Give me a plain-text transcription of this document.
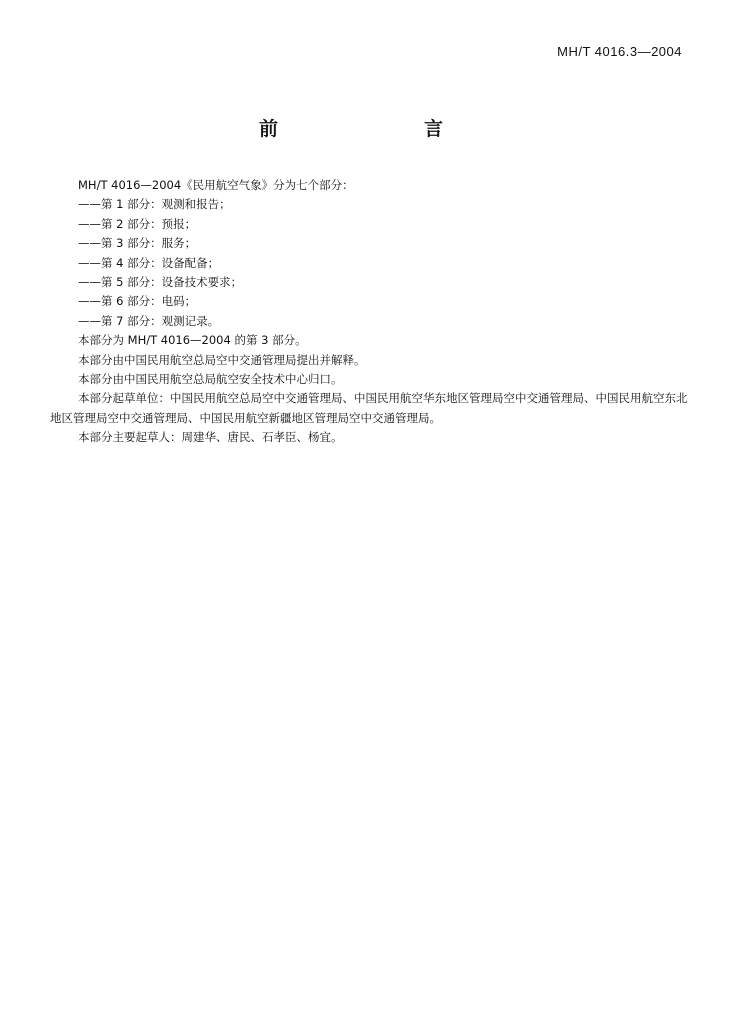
MH/T 4016.3—2004
前　　言
MH/T 4016—2004《民用航空气象》分为七个部分：
——第 1 部分：观测和报告；
——第 2 部分：预报；
——第 3 部分：服务；
——第 4 部分：设备配备；
——第 5 部分：设备技术要求；
——第 6 部分：电码；
——第 7 部分：观测记录。
本部分为 MH/T 4016—2004 的第 3 部分。
本部分由中国民用航空总局空中交通管理局提出并解释。
本部分由中国民用航空总局航空安全技术中心归口。
本部分起草单位：中国民用航空总局空中交通管理局、中国民用航空华东地区管理局空中交通管理局、中国民用航空东北地区管理局空中交通管理局、中国民用航空新疆地区管理局空中交通管理局。
本部分主要起草人：周建华、唐民、石孝臣、杨宜。
